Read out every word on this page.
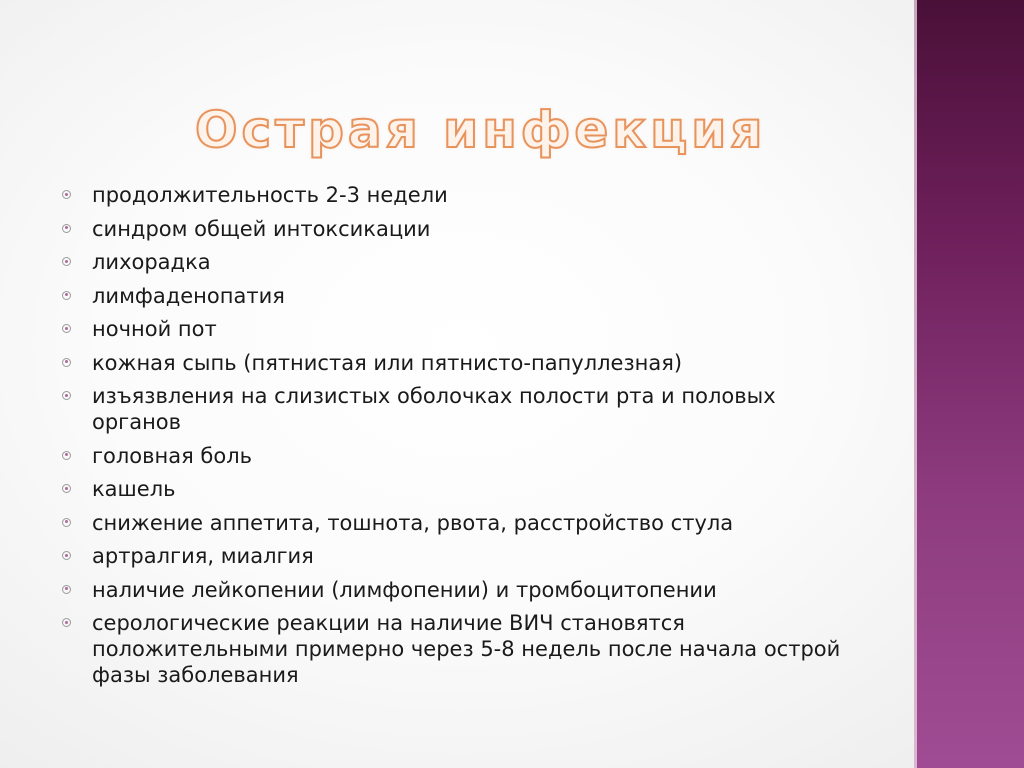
Острая инфекция
продолжительность 2-3 недели
синдром общей интоксикации
лихорадка
лимфаденопатия
ночной пот
кожная сыпь (пятнистая или пятнисто-папуллезная)
изъязвления на слизистых оболочках полости рта и половых органов
головная боль
кашель
снижение аппетита, тошнота, рвота, расстройство стула
артралгия, миалгия
наличие лейкопении (лимфопении) и тромбоцитопении
серологические реакции на наличие ВИЧ становятся положительными примерно через 5-8 недель после начала острой фазы заболевания
